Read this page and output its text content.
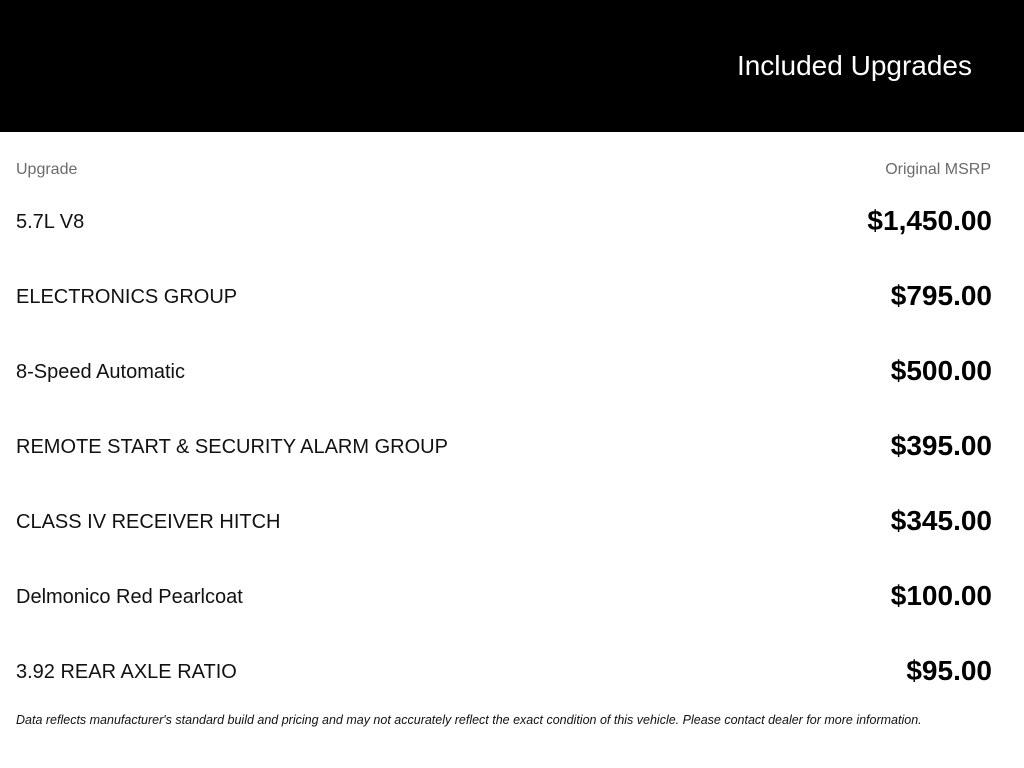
Included Upgrades
Upgrade	Original MSRP
5.7L V8	$1,450.00
ELECTRONICS GROUP	$795.00
8-Speed Automatic	$500.00
REMOTE START & SECURITY ALARM GROUP	$395.00
CLASS IV RECEIVER HITCH	$345.00
Delmonico Red Pearlcoat	$100.00
3.92 REAR AXLE RATIO	$95.00

Data reflects manufacturer's standard build and pricing and may not accurately reflect the exact condition of this vehicle. Please contact dealer for more information.
